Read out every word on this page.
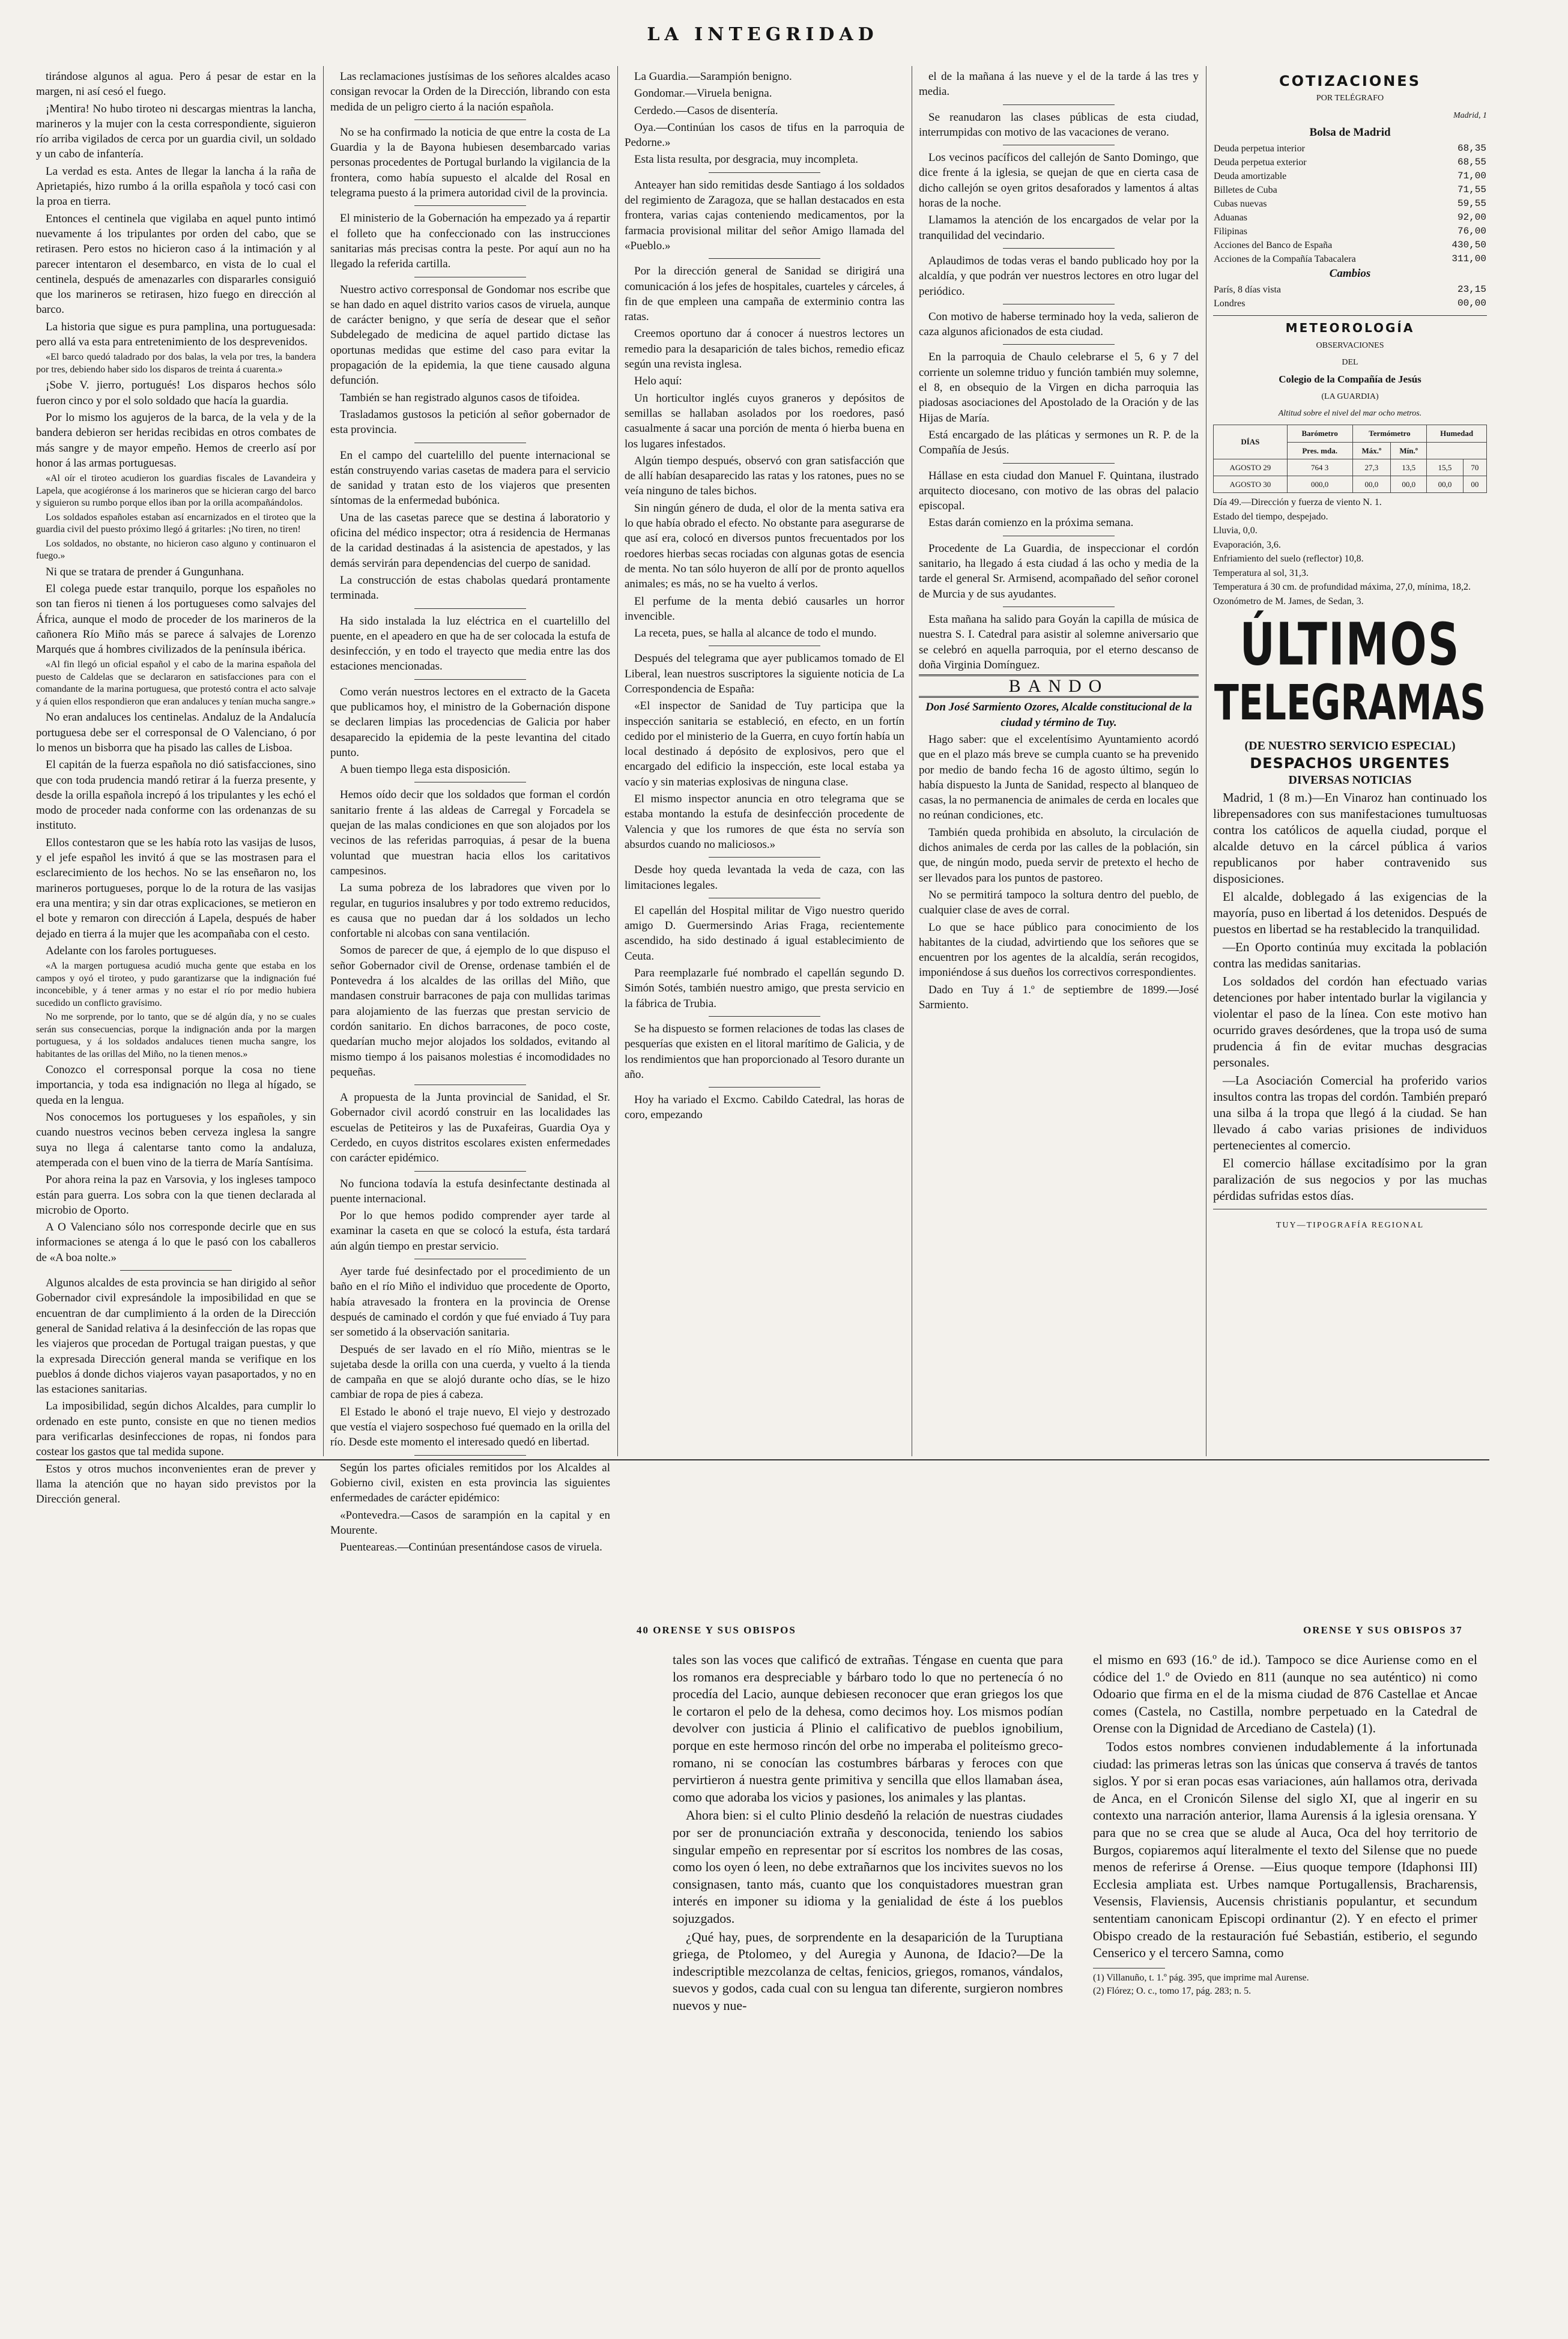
LA INTEGRIDAD

tirándose algunos al agua. Pero á pesar de estar en la margen, ni así cesó el fuego.

¡Mentira! No hubo tiroteo ni descargas mientras la lancha, marineros y la mujer con la cesta correspondiente, siguieron río arriba vigilados de cerca por un guardia civil, un soldado y un cabo de infantería.

La verdad es esta. Antes de llegar la lancha á la raña de Aprietapiés, hizo rumbo á la orilla española y tocó casi con la proa en tierra.

Entonces el centinela que vigilaba en aquel punto intimó nuevamente á los tripulantes por orden del cabo, que se retirasen. Pero estos no hicieron caso á la intimación y al parecer intentaron el desembarco, en vista de lo cual el centinela, después de amenazarles con dispararles consiguió que los marineros se retirasen, hizo fuego en dirección al barco.

La historia que sigue es pura pamplina, una portuguesada: pero allá va esta para entretenimiento de los desprevenidos.

«El barco quedó taladrado por dos balas, la vela por tres, la bandera por tres, debiendo haber sido los disparos de treinta á cuarenta.»

¡Sobe V. jierro, portugués! Los disparos hechos sólo fueron cinco y por el solo soldado que hacía la guardia.

Por lo mismo los agujeros de la barca, de la vela y de la bandera debieron ser heridas recibidas en otros combates de más sangre y de mayor empeño. Hemos de creerlo así por honor á las armas portuguesas.

«Al oír el tiroteo acudieron los guardias fiscales de Lavandeira y Lapela, que acogiéronse á los marineros que se hicieran cargo del barco y siguieron su rumbo porque ellos iban por la orilla acompañándolos.

Los soldados españoles estaban así encarnizados en el tiroteo que la guardia civil del puesto próximo llegó á gritarles: ¡No tiren, no tiren!

Los soldados, no obstante, no hicieron caso alguno y continuaron el fuego.»

Ni que se tratara de prender á Gungunhana.

El colega puede estar tranquilo, porque los españoles no son tan fieros ni tienen á los portugueses como salvajes del África, aunque el modo de proceder de los marineros de la cañonera Río Miño más se parece á salvajes de Lorenzo Marqués que á hombres civilizados de la península ibérica.

«Al fin llegó un oficial español y el cabo de la marina española del puesto de Caldelas que se declararon en satisfacciones para con el comandante de la marina portuguesa, que protestó contra el acto salvaje y á quien ellos respondieron que eran andaluces y tenían mucha sangre.»

No eran andaluces los centinelas. Andaluz de la Andalucía portuguesa debe ser el corresponsal de O Valenciano, ó por lo menos un bisborra que ha pisado las calles de Lisboa.

El capitán de la fuerza española no dió satisfacciones, sino que con toda prudencia mandó retirar á la fuerza presente, y desde la orilla española increpó á los tripulantes y les echó el modo de proceder nada conforme con las ordenanzas de su instituto.

Ellos contestaron que se les había roto las vasijas de lusos, y el jefe español les invitó á que se las mostrasen para el esclarecimiento de los hechos. No se las enseñaron no, los marineros portugueses, porque lo de la rotura de las vasijas era una mentira; y sin dar otras explicaciones, se metieron en el bote y remaron con dirección á Lapela, después de haber dejado en tierra á la mujer que les acompañaba con el cesto.

Adelante con los faroles portugueses.

«A la margen portuguesa acudió mucha gente que estaba en los campos y oyó el tiroteo, y pudo garantizarse que la indignación fué inconcebible, y á tener armas y no estar el río por medio hubiera sucedido un conflicto gravísimo.

No me sorprende, por lo tanto, que se dé algún día, y no se cuales serán sus consecuencias, porque la indignación anda por la margen portuguesa, y á los soldados andaluces tienen mucha sangre, los habitantes de las orillas del Miño, no la tienen menos.»

Conozco el corresponsal porque la cosa no tiene importancia, y toda esa indignación no llega al hígado, se queda en la lengua.

Nos conocemos los portugueses y los españoles, y sin cuando nuestros vecinos beben cerveza inglesa la sangre suya no llega á calentarse tanto como la andaluza, atemperada con el buen vino de la tierra de María Santísima.

Por ahora reina la paz en Varsovia, y los ingleses tampoco están para guerra. Los sobra con la que tienen declarada al microbio de Oporto.

A O Valenciano sólo nos corresponde decirle que en sus informaciones se atenga á lo que le pasó con los caballeros de «A boa nolte.»

Algunos alcaldes de esta provincia se han dirigido al señor Gobernador civil expresándole la imposibilidad en que se encuentran de dar cumplimiento á la orden de la Dirección general de Sanidad relativa á la desinfección de las ropas que les viajeros que procedan de Portugal traigan puestas, y que la expresada Dirección general manda se verifique en los pueblos á donde dichos viajeros vayan pasaportados, y no en las estaciones sanitarias.

La imposibilidad, según dichos Alcaldes, para cumplir lo ordenado en este punto, consiste en que no tienen medios para verificarlas desinfecciones de ropas, ni fondos para costear los gastos que tal medida supone.

Estos y otros muchos inconvenientes eran de prever y llama la atención que no hayan sido previstos por la Dirección general.

Las reclamaciones justísimas de los señores alcaldes acaso consigan revocar la Orden de la Dirección, librando con esta medida de un peligro cierto á la nación española.

No se ha confirmado la noticia de que entre la costa de La Guardia y la de Bayona hubiesen desembarcado varias personas procedentes de Portugal burlando la vigilancia de la frontera, como había supuesto el alcalde del Rosal en telegrama puesto á la primera autoridad civil de la provincia.

El ministerio de la Gobernación ha empezado ya á repartir el folleto que ha confeccionado con las instrucciones sanitarias más precisas contra la peste. Por aquí aun no ha llegado la referida cartilla.

Nuestro activo corresponsal de Gondomar nos escribe que se han dado en aquel distrito varios casos de viruela, aunque de carácter benigno, y que sería de desear que el señor Subdelegado de medicina de aquel partido dictase las oportunas medidas que estime del caso para evitar la propagación de la epidemia, la que tiene causado alguna defunción.

También se han registrado algunos casos de tifoidea.

Trasladamos gustosos la petición al señor gobernador de esta provincia.

En el campo del cuartelillo del puente internacional se están construyendo varias casetas de madera para el servicio de sanidad y tratan esto de los viajeros que presenten síntomas de la enfermedad bubónica.

Una de las casetas parece que se destina á laboratorio y oficina del médico inspector; otra á residencia de Hermanas de la caridad destinadas á la asistencia de apestados, y las demás servirán para dependencias del cuerpo de sanidad.

La construcción de estas chabolas quedará prontamente terminada.

Ha sido instalada la luz eléctrica en el cuartelillo del puente, en el apeadero en que ha de ser colocada la estufa de desinfección, y en todo el trayecto que media entre las dos estaciones mencionadas.

Como verán nuestros lectores en el extracto de la Gaceta que publicamos hoy, el ministro de la Gobernación dispone se declaren limpias las procedencias de Galicia por haber desaparecido la epidemia de la peste levantina del citado punto.

A buen tiempo llega esta disposición.

Hemos oído decir que los soldados que forman el cordón sanitario frente á las aldeas de Carregal y Forcadela se quejan de las malas condiciones en que son alojados por los vecinos de las referidas parroquias, á pesar de la buena voluntad que muestran hacia ellos los caritativos campesinos.

La suma pobreza de los labradores que viven por lo regular, en tugurios insalubres y por todo extremo reducidos, es causa que no puedan dar á los soldados un lecho confortable ni alcobas con sana ventilación.

Somos de parecer de que, á ejemplo de lo que dispuso el señor Gobernador civil de Orense, ordenase también el de Pontevedra á los alcaldes de las orillas del Miño, que mandasen construir barracones de paja con mullidas tarimas para alojamiento de las fuerzas que prestan servicio de cordón sanitario. En dichos barracones, de poco coste, quedarían mucho mejor alojados los soldados, evitando al mismo tiempo á los paisanos molestias é incomodidades no pequeñas.

A propuesta de la Junta provincial de Sanidad, el Sr. Gobernador civil acordó construir en las localidades las escuelas de Petiteiros y las de Puxafeiras, Guardia Oya y Cerdedo, en cuyos distritos escolares existen enfermedades con carácter epidémico.

No funciona todavía la estufa desinfectante destinada al puente internacional.

Por lo que hemos podido comprender ayer tarde al examinar la caseta en que se colocó la estufa, ésta tardará aún algún tiempo en prestar servicio.

Ayer tarde fué desinfectado por el procedimiento de un baño en el río Miño el individuo que procedente de Oporto, había atravesado la frontera en la provincia de Orense después de caminado el cordón y que fué enviado á Tuy para ser sometido á la observación sanitaria.

Después de ser lavado en el río Miño, mientras se le sujetaba desde la orilla con una cuerda, y vuelto á la tienda de campaña en que se alojó durante ocho días, se le hizo cambiar de ropa de pies á cabeza.

El Estado le abonó el traje nuevo, El viejo y destrozado que vestía el viajero sospechoso fué quemado en la orilla del río. Desde este momento el interesado quedó en libertad.

Según los partes oficiales remitidos por los Alcaldes al Gobierno civil, existen en esta provincia las siguientes enfermedades de carácter epidémico:

«Pontevedra.—Casos de sarampión en la capital y en Mourente.

Puenteareas.—Continúan presentándose casos de viruela.

La Guardia.—Sarampión benigno.

Gondomar.—Viruela benigna.

Cerdedo.—Casos de disentería.

Oya.—Continúan los casos de tifus en la parroquia de Pedorne.»

Esta lista resulta, por desgracia, muy incompleta.

Anteayer han sido remitidas desde Santiago á los soldados del regimiento de Zaragoza, que se hallan destacados en esta frontera, varias cajas conteniendo medicamentos, por la farmacia provisional militar del señor Amigo llamada del «Pueblo.»

Por la dirección general de Sanidad se dirigirá una comunicación á los jefes de hospitales, cuarteles y cárceles, á fin de que empleen una campaña de exterminio contra las ratas.

Creemos oportuno dar á conocer á nuestros lectores un remedio para la desaparición de tales bichos, remedio eficaz según una revista inglesa.

Helo aquí:

Un horticultor inglés cuyos graneros y depósitos de semillas se hallaban asolados por los roedores, pasó casualmente á sacar una porción de menta ó hierba buena en los lugares infestados.

Algún tiempo después, observó con gran satisfacción que de allí habían desaparecido las ratas y los ratones, pues no se veía ninguno de tales bichos.

Sin ningún género de duda, el olor de la menta sativa era lo que había obrado el efecto. No obstante para asegurarse de que así era, colocó en diversos puntos frecuentados por los roedores hierbas secas rociadas con algunas gotas de esencia de menta. No tan sólo huyeron de allí por de pronto aquellos animales; es más, no se ha vuelto á verlos.

El perfume de la menta debió causarles un horror invencible.

La receta, pues, se halla al alcance de todo el mundo.

Después del telegrama que ayer publicamos tomado de El Liberal, lean nuestros suscriptores la siguiente noticia de La Correspondencia de España:

«El inspector de Sanidad de Tuy participa que la inspección sanitaria se estableció, en efecto, en un fortín cedido por el ministerio de la Guerra, en cuyo fortín había un local destinado á depósito de explosivos, pero que el encargado del edificio la inspección, este local estaba ya vacío y sin materias explosivas de ninguna clase.

El mismo inspector anuncia en otro telegrama que se estaba montando la estufa de desinfección procedente de Valencia y que los rumores de que ésta no servía son absurdos cuando no maliciosos.»

Desde hoy queda levantada la veda de caza, con las limitaciones legales.

El capellán del Hospital militar de Vigo nuestro querido amigo D. Guermersindo Arias Fraga, recientemente ascendido, ha sido destinado á igual establecimiento de Ceuta.

Para reemplazarle fué nombrado el capellán segundo D. Simón Sotés, también nuestro amigo, que presta servicio en la fábrica de Trubia.

Se ha dispuesto se formen relaciones de todas las clases de pesquerías que existen en el litoral marítimo de Galicia, y de los rendimientos que han proporcionado al Tesoro durante un año.

Hoy ha variado el Excmo. Cabildo Catedral, las horas de coro, empezando

el de la mañana á las nueve y el de la tarde á las tres y media.

Se reanudaron las clases públicas de esta ciudad, interrumpidas con motivo de las vacaciones de verano.

Los vecinos pacíficos del callejón de Santo Domingo, que dice frente á la iglesia, se quejan de que en cierta casa de dicho callejón se oyen gritos desaforados y lamentos á altas horas de la noche.

Llamamos la atención de los encargados de velar por la tranquilidad del vecindario.

Aplaudimos de todas veras el bando publicado hoy por la alcaldía, y que podrán ver nuestros lectores en otro lugar del periódico.

Con motivo de haberse terminado hoy la veda, salieron de caza algunos aficionados de esta ciudad.

En la parroquia de Chaulo celebrarse el 5, 6 y 7 del corriente un solemne triduo y función también muy solemne, el 8, en obsequio de la Virgen en dicha parroquia las piadosas asociaciones del Apostolado de la Oración y de las Hijas de María.

Está encargado de las pláticas y sermones un R. P. de la Compañía de Jesús.

Hállase en esta ciudad don Manuel F. Quintana, ilustrado arquitecto diocesano, con motivo de las obras del palacio episcopal.

Estas darán comienzo en la próxima semana.

Procedente de La Guardia, de inspeccionar el cordón sanitario, ha llegado á esta ciudad á las ocho y media de la tarde el general Sr. Armisend, acompañado del señor coronel de Murcia y de sus ayudantes.

Esta mañana ha salido para Goyán la capilla de música de nuestra S. I. Catedral para asistir al solemne aniversario que se celebró en aquella parroquia, por el eterno descanso de doña Virginia Domínguez.

BANDO

Don José Sarmiento Ozores, Alcalde constitucional de la ciudad y término de Tuy.

Hago saber: que el excelentísimo Ayuntamiento acordó que en el plazo más breve se cumpla cuanto se ha prevenido por medio de bando fecha 16 de agosto último, según lo había dispuesto la Junta de Sanidad, respecto al blanqueo de casas, la no permanencia de animales de cerda en locales que no reúnan condiciones, etc.

También queda prohibida en absoluto, la circulación de dichos animales de cerda por las calles de la población, sin que, de ningún modo, pueda servir de pretexto el hecho de ser llevados para los puntos de pastoreo.

No se permitirá tampoco la soltura dentro del pueblo, de cualquier clase de aves de corral.

Lo que se hace público para conocimiento de los habitantes de la ciudad, advirtiendo que los señores que se encuentren por los agentes de la alcaldía, serán recogidos, imponiéndose á sus dueños los correctivos correspondientes.

Dado en Tuy á 1.º de septiembre de 1899.—José Sarmiento.

COTIZACIONES

POR TELÉGRAFO

Madrid, 1

Bolsa de Madrid

Deuda perpetua interior	68,35
Deuda perpetua exterior	68,55
Deuda amortizable	71,00
Billetes de Cuba	71,55
Cubas nuevas	59,55
Aduanas	92,00
Filipinas	76,00
Acciones del Banco de España	430,50
Acciones de la Compañía Tabacalera	311,00

Cambios

París, 8 días vista	23,15
Londres	00,00

METEOROLOGÍA

OBSERVACIONES

DEL

Colegio de la Compañía de Jesús

(LA GUARDIA)

Altitud sobre el nivel del mar ocho metros.

DÍAS	Barómetro	Termómetro		Humedad	
	Pres. mda.	Máx.º	Mín.º		
AGOSTO 29	764 3	27,3	13,5	15,5	70
AGOSTO 30	000,0	00,0	00,0	00,0	00

Día 49.—Dirección y fuerza de viento N. 1.

Estado del tiempo, despejado.

Lluvia, 0,0.

Evaporación, 3,6.

Enfriamiento del suelo (reflector) 10,8.

Temperatura al sol, 31,3.

Temperatura á 30 cm. de profundidad máxima, 27,0, mínima, 18,2.

Ozonómetro de M. James, de Sedan, 3.

ÚLTIMOS

TELEGRAMAS

(DE NUESTRO SERVICIO ESPECIAL)

DESPACHOS URGENTES

DIVERSAS NOTICIAS

Madrid, 1 (8 m.)—En Vinaroz han continuado los librepensadores con sus manifestaciones tumultuosas contra los católicos de aquella ciudad, porque el alcalde detuvo en la cárcel pública á varios republicanos por haber contravenido sus disposiciones.

El alcalde, doblegado á las exigencias de la mayoría, puso en libertad á los detenidos. Después de puestos en libertad se ha restablecido la tranquilidad.

—En Oporto continúa muy excitada la población contra las medidas sanitarias.

Los soldados del cordón han efectuado varias detenciones por haber intentado burlar la vigilancia y violentar el paso de la línea. Con este motivo han ocurrido graves desórdenes, que la tropa usó de suma prudencia á fin de evitar muchas desgracias personales.

—La Asociación Comercial ha proferido varios insultos contra las tropas del cordón. También preparó una silba á la tropa que llegó á la ciudad. Se han llevado á cabo varias prisiones de individuos pertenecientes al comercio.

El comercio hállase excitadísimo por la gran paralización de sus negocios y por las muchas pérdidas sufridas estos días.

TUY—TIPOGRAFÍA REGIONAL

40 ORENSE Y SUS OBISPOS	ORENSE Y SUS OBISPOS 37

tales son las voces que calificó de extrañas. Téngase en cuenta que para los romanos era despreciable y bárbaro todo lo que no pertenecía ó no procedía del Lacio, aunque debiesen reconocer que eran griegos los que le cortaron el pelo de la dehesa, como decimos hoy. Los mismos podían devolver con justicia á Plinio el calificativo de pueblos ignobilium, porque en este hermoso rincón del orbe no imperaba el politeísmo greco-romano, ni se conocían las costumbres bárbaras y feroces con que pervirtieron á nuestra gente primitiva y sencilla que ellos llamaban ásea, como que adoraba los vicios y pasiones, los animales y las plantas.

Ahora bien: si el culto Plinio desdeñó la relación de nuestras ciudades por ser de pronunciación extraña y desconocida, teniendo los sabios singular empeño en representar por sí escritos los nombres de las cosas, como los oyen ó leen, no debe extrañarnos que los incivites suevos no los consignasen, tanto más, cuanto que los conquistadores muestran gran interés en imponer su idioma y la genialidad de éste á los pueblos sojuzgados.

¿Qué hay, pues, de sorprendente en la desaparición de la Turuptiana griega, de Ptolomeo, y del Auregia y Aunona, de Idacio?—De la indescriptible mezcolanza de celtas, fenicios, griegos, romanos, vándalos, suevos y godos, cada cual con su lengua tan diferente, surgieron nombres nuevos y nue-

el mismo en 693 (16.º de id.). Tampoco se dice Auriense como en el códice del 1.º de Oviedo en 811 (aunque no sea auténtico) ni como Odoario que firma en el de la misma ciudad de 876 Castellae et Ancae comes (Castela, no Castilla, nombre perpetuado en la Catedral de Orense con la Dignidad de Arcediano de Castela) (1).

Todos estos nombres convienen indudablemente á la infortunada ciudad: las primeras letras son las únicas que conserva á través de tantos siglos. Y por si eran pocas esas variaciones, aún hallamos otra, derivada de Anca, en el Cronicón Silense del siglo XI, que al ingerir en su contexto una narración anterior, llama Aurensis á la iglesia orensana. Y para que no se crea que se alude al Auca, Oca del hoy territorio de Burgos, copiaremos aquí literalmente el texto del Silense que no puede menos de referirse á Orense. —Eius quoque tempore (Idaphonsi III) Ecclesia ampliata est. Urbes namque Portugallensis, Bracharensis, Vesensis, Flaviensis, Aucensis christianis populantur, et secundum sententiam canonicam Episcopi ordinantur (2). Y en efecto el primer Obispo creado de la restauración fué Sebastián, estiberio, el segundo Censerico y el tercero Samna, como

(1) Villanuño, t. 1.º pág. 395, que imprime mal Aurense.

(2) Flórez; O. c., tomo 17, pág. 283; n. 5.
